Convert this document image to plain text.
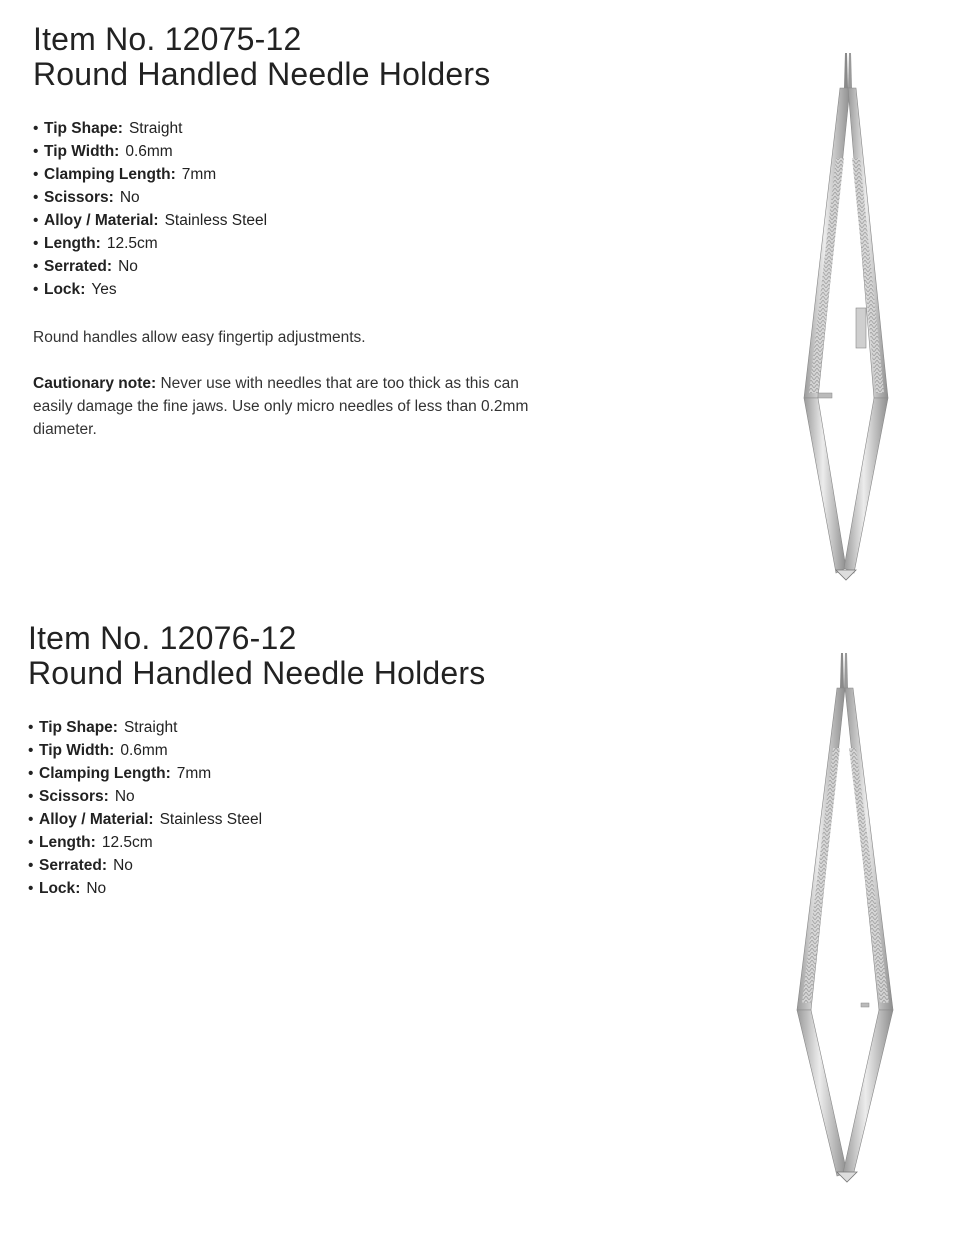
Item No. 12075-12
Round Handled Needle Holders
• Tip Shape: Straight
• Tip Width: 0.6mm
• Clamping Length: 7mm
• Scissors: No
• Alloy / Material: Stainless Steel
• Length: 12.5cm
• Serrated: No
• Lock: Yes

Round handles allow easy fingertip adjustments.

Cautionary note: Never use with needles that are too thick as this can easily damage the fine jaws. Use only micro needles of less than 0.2mm diameter.

Item No. 12076-12
Round Handled Needle Holders
• Tip Shape: Straight
• Tip Width: 0.6mm
• Clamping Length: 7mm
• Scissors: No
• Alloy / Material: Stainless Steel
• Length: 12.5cm
• Serrated: No
• Lock: No
